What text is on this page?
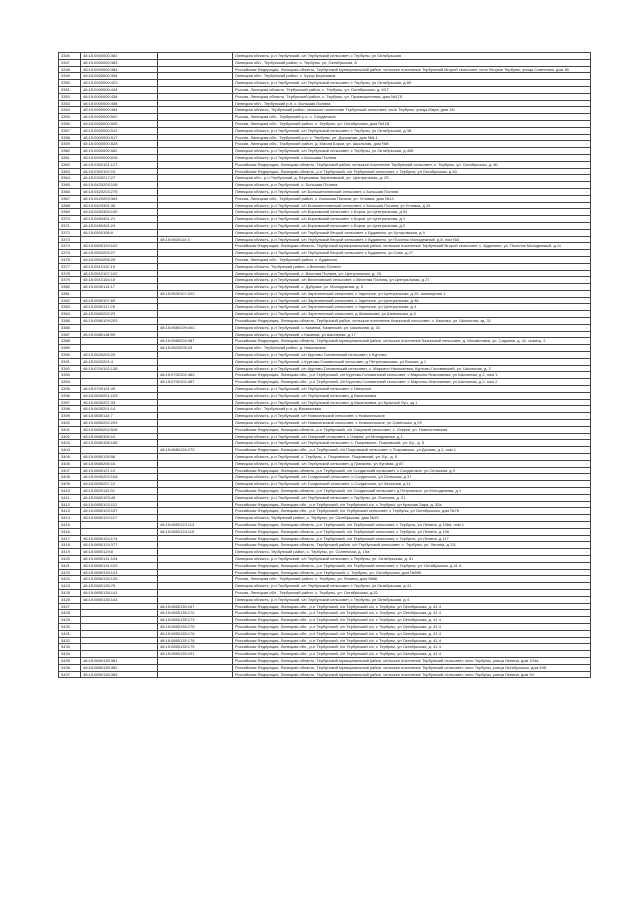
3346	48:15:0000000:382		Липецкая область, р-н Тербунский, с/п Тербунский сельсовет, с Тербуны, ул Октябрьская
3347	48:15:0000000:383		Липецкая обл., Тербунский район, с. Тербуны, ул. Октябрьская, 8
3348	48:15:0000000:384		Российская Федерация, Липецкая область, Тербунский муниципальный район, сельское поселение Тербунский Второй сельсовет, село Вторые Тербуны, улица Советская, дом 38
3349	48:15:0000000:394		Липецкая обл., Тербунский район, с. Хутор Березовка
3350	48:15:0000000:423		Липецкая область, р-н Тербунский, с/п Тербунский сельсовет, с Тербуны, ул Октябрьская, д 89
3351	48:15:0000000:434		Россия, Липецкая область, Тербунский район, с. Тербуны, ул. Октябрьская, д. 40 Г
3352	48:15:0000000:438		Россия, Липецкая область, Тербунский район, с. Тербуны, ул. Промышленная, дом №17б
3353	48:15:0000000:458		Липецкая обл., Тербунский р-н, с. Большая Поляна
3354	48:15:0000000:464		Липецкая область, Тербунский район, сельское поселение Тербунский сельсовет, село Тербуны, улица Мира, дом 13г
3355	48:15:0000000:502		Россия, Липецкая обл., Тербунский р-н, с. Солдатское
3356	48:15:0000000:505		Россия, Липецкая обл., Тербунский район, с. Тербуны, ул. Октябрьская, дом №128
3357	48:15:0000000:512		Липецкая область, р-н Тербунский, с/п Тербунский сельсовет, с Тербуны, ул Октябрьская, д 38
3358	48:15:0000000:517		Россия, Липецкая обл., Тербунский р-н, с. Тербуны, ул. Дорожная, дом №5-1
3359	48:15:0000000:528		Россия, Липецкая обл., Тербунский район, д. Малая Борки, ул. Школьная, дом №8
3360	48:15:0000000:562		Липецкая область, р-н Тербунский, с/п Тербунский сельсовет, с Тербуны, ул Октябрьская, д 40Е
3361	48:15:0000000:815		Липецкая область, р-н Тербунский, с Большая Поляна
3362	48:15:0300101:127		Российская Федерация, Липецкая область, Тербунский район, сельское поселение Тербунский сельсовет, с. Тербуны, ул. Октябрьская, д. 80
3363	48:15:0300102:10		Российская Федерация, Липецкая область, р-н Тербунский, с/п Тербунский сельсовет, с Тербуны, ул Октябрьская, д 40
3364	48:15:0300217:27		Липецкая обл., р-н Тербунский, д. Березовка, Березовский, ул. Центральная, д. 25
3365	48:15:0420203:108		Липецкая область, р-н Тербунский, с. Большая Поляна
3366	48:15:0420203:275		Липецкая область, р-н Тербунский, с/п Большеполянский сельсовет, с Большая Поляна
3367	48:15:0420203:364		Россия, Липецкая обл., Тербунский район, с. Большая Поляна, ул. Угловка, дом №13
3368	48:15:0420301:36		Липецкая область, р-н Тербунский, с/п Большеполянский сельсовет, с Большая Поляна, ул Угловка, д 33
3369	48:15:0450309:100		Липецкая область, р-н Тербунский, с/п Борковский сельсовет, с Борки, ул Центральная, д 51
3370	48:15:0450401:21		Липецкая область, р-н Тербунский, с/п Борковский сельсовет, с Борки, ул Центральная, д 1
3371	48:15:0450401:24		Липецкая область, р-н Тербунский, с/п Борковский сельсовет, с Борки, ул Центральная, д 2
3372	48:15:0500106:9		Липецкая область, р-н Тербунский, с/п Тербунский Второй сельсовет, с Буданино, ул Хуторовская, д 9
3373		48:15:0500114:3	Липецкая область, р-н Тербунский, с/п Тербунский Второй сельсовет, с Буданино, ул Поселок Молодежный, д 8, пом №1
3374	48:15:0500120:102		Российская Федерация, Липецкая область, Тербунский муниципальный район, сельское поселение Тербунский Второй сельсовет, с. Буданино, ул. Поселок Молодежный, д.11
3375	48:15:0500203:27		Липецкая область, р-н Тербунский, с/п Тербунский Второй сельсовет, с Буданино, ул Сахе, д 27
3376	48:15:0500206:28		Россия, Липецкая обл., Тербунский район, с. Буданино
3377	48:15:0510112:10		Липецкая область, Тербунский район, с.Веселая Поляна
3378	48:15:0510107:102		Липецкая область, р-н Тербунский, с. Веселая Поляна, ул. Центральная, д. 25
3379	48:15:0510154:10		Липецкая область, р-н Тербунский, с/п Веселовский сельсовет, с Веселая Поляна, ул Центральная, д 27
3380	48:15:0530113:17		Липецкая область, р-н Тербунский, с. Дуброва, ул. Молодежная, д. 5
3381		48:15:0530107:32С	Липецкая область, р-н Тербунский, с/п Заречненский сельсовет, с Заречное, ул Центральная, д 20, помещение 1
3382	48:15:0550107:69		Липецкая область, р-н Тербунский, с/п Заречненский сельсовет, с Заречное, ул Центральная, д 46
3383	48:15:0550117:25		Липецкая область, р-н Тербунский, с/п Заречненский сельсовет, с Заречное, ул Центральная, д 4
3384	48:15:0560202:23		Липецкая область, р-н Тербунский, с/п Заречненский сельсовет, д Шевлякова, ул Шевлякова, д 8
3385	48:15:0580109:203		Российская Федерация, Липецкая область, Тербунский район, сельское поселение Казинский сельсовет, с. Казинка, ул. Школьная, зд. 31
3386		48:15:0580109:40С	Липецкая область, р-н Тербунский, с. Казинка, Казинский, ул. Школьная, д. 31
3387	48:15:0580118:59		Липецкая область, р-н Тербунский, с Казинка, ул Школьная, д 17
3388		48:15:0580204:387	Российская Федерация, Липецкая область, Тербунский муниципальный район, сельское поселение Казинский сельсовет, д. Михайловка, ул. Садовая, д. 41, помещ. 2
3389		48:15:0600205:23	Липецкая обл., Тербунский район, д. Никольское
3390	48:15:0620202:20		Липецкая область, р-н Тербунский, с/п Куртово-Головинский сельсовет, с Куртово
3391	48:15:0620201:4		Липецкая область, р-н Тербунский, с Куртово-Головинский сельсовет, д Петропавловка, ул Вокзал, д 1
3392	48:15:0700102:138		Липецкая область, р-н Тербунский, с/п Куртово-Головинский сельсовет, с. Марьино Николаевка, Куртово-Головинский, ул. Школьная, д. 2
3393		48:15:0700102:48С	Российская Федерация, Липецкая обл., р-н Тербунский, с/п Куртово-Головинский сельсовет, с Марьино-Николаевка, ул Школьная, д 2, пом 1
3394		48:15:0700102:487	Российская Федерация, Липецкая обл., р-н Тербунский, с/п Куртово-Головинский сельсовет, с Марьино-Николаевка, ул Школьная, д 2, пом 2
3395	48:15:0700101:49		Липецкая область, р-н Тербунский, с/п Тербунский сельсовет, с Нагорное
3396	48:15:0630201:103		Липецкая область, р-н Тербунский, с/п Тербунский сельсовет, д Васильевка
3397	48:15:0630207:33		Липецкая область, р-н Тербунский, с/п Тербунский сельсовет, д Васильевка, ул Красный Луч, зд 1
3398	48:15:0630201:14		Липецкая обл., Тербунский р-н, д. Васильевка
3399	48:15:0650114:7		Липецкая область, р-н Тербунский, с/п Новосельский сельсовет, с Новосельское
3400	48:15:0650202:203		Липецкая область, р-н Тербунский, с/п Новосельский сельсовет, с Новосельское, ул Советская, д 29
3401	48:15:0650202:528		Российская Федерация, Липецкая область, р-н Тербунский, с/п Озерский сельсовет, с. Озерки, ул. Новоселовская
3402	48:15:0680306:10		Липецкая область, р-н Тербунский, с/п Озерский сельсовет, с Озерки, ул Молодежная, д 1
3403	48:15:0680108:188		Липецкая область, р-н Тербунский, с/п Тербунский сельсовет, с. Покровское, Покровский, ул. Бр., д. 5
3404		48:15:0680126:27С	Российская Федерация, Липецкая обл., р-н Тербунский, с/п Покровский сельсовет, с Покровское, ул Дачная, д 2, пом 1
3405	48:15:0680126:58		Липецкая область, р-н Тербунский, с. Тербуны, с. Покровское, Покровский, ул. Бр., д. 5
3406	48:15:0680206:16		Липецкая область, р-н Тербунский, с/п Тербунский сельсовет, д Гранкино, ул Луговая, д 87
3407	48:15:0690121:10		Российская Федерация, Липецкая область, р-н Тербунский, с/п Солдатский сельсовет, с Солдатское, ул Сельская, д 9
3408	48:15:0690202:108		Липецкая область, р-н Тербунский, с/п Солдатский сельсовет, с Солдатское, ул Сельская, д 37
3409	48:15:0690207:12		Липецкая область, р-н Тербунский, с/п Солдатский сельсовет, с Солдатское, ул Заточная, д 11
3410	48:15:0820112:91		Российская Федерация, Липецкая область, р-н Тербунский, с/п Солдатский сельсовет, д Петровское, ул Молодежная, д 1
3411	48:15:0850103:45		Липецкая область, р-н Тербунский, с/п Тербунский сельсовет, с Тербуны, ул. Есенина, д. 21
3412	48:15:0850103:112		Российская Федерация, Липецкая обл., р-н Тербунский, с/п Тербунский с/с, с Тербуны, ул Красная Заря, д. 32а
3413	48:15:0850103:107		Российская Федерация, Липецкая обл., р-н Тербунский, с/п Тербунский сельсовет, с Тербуны, ул Октябрьская, дом №76
3414	48:15:0850123:117		Липецкая область, Тербунский район, с. Тербуны, ул. Октябрьская, дом №15
3415		48:15:0850123:113	Российская Федерация, Липецкая область, р-н Тербунский, с/п Тербунский сельсовет, с Тербуны, ул Ленина, д 108а, пом 1
3416		48:15:0850123:115	Российская Федерация, Липецкая область, р-н Тербунский, с/п Тербунский сельсовет, с Тербуны, ул Ленина, д 108
3417	48:15:0850124:174		Российская Федерация, Липецкая область, р-н Тербунский, с/п Тербунский сельсовет, с Тербуны, ул Ленина, д 117
3418	48:15:0850124:377		Российская Федерация, Липецкая область, Тербунский район, с/п Тербунский сельсовет, с. Тербуны, ул. Ленина, д 111
3419	48:15:0850129:8		Липецкая область, Тербунский район, с. Тербуны, ул. Солнечная, д. 19а
3420	48:15:0850131:104		Липецкая область, р-н Тербунский, с/п Тербунский сельсовет, с Тербуны, ул. Октябрьская, д. 51
3421	48:15:0850131:103		Российская Федерация, Липецкая область, р-н Тербунский, с/п Тербунский сельсовет, с Тербуны, ул. Октябрьская, д.41.4
3422	48:15:0850135:124		Российская Федерация, Липецкая область, р-н Тербунский, с. Тербуны, ул. Октябрьская, дом №59К
3423	48:15:0850135:126		Россия, Липецкая обл., Тербунский район, с. Тербуны, ул. Ленина, дом №86
3424	48:15:0850135:75		Липецкая область, р-н Тербунский, с/п Тербунский сельсовет, с Тербуны, ул Октябрьская, д 41
3425	48:15:0850135:141		Россия, Липецкая обл., Тербунский район, с. Тербуны, ул. Октябрьская, д.52
3426	48:15:0850135:143		Липецкая область, р-н Тербунский, с/п Тербунский сельсовет, с Тербуны, ул Октябрьская, д 4
3427		48:15:0850135:167	Российская Федерация, Липецкая обл., р-н Тербунский, с/п Тербунский с/с, с Тербуны, ул Октябрьская, д. 41 4
3428		48:15:0850135:172	Российская Федерация, Липецкая обл., р-н Тербунский, с/п Тербунский с/с, с Тербуны, ул Октябрьская, д. 41 4
3429		48:15:0850135:173	Российская Федерация, Липецкая обл., р-н Тербунский, с/п Тербунский с/с, с Тербуны, ул Октябрьская, д. 41 4
3430		48:15:0850135:175	Российская Федерация, Липецкая обл., р-н Тербунский, с/п Тербунский с/с, с Тербуны, ул Октябрьская, д. 41 4
3431		48:15:0850135:176	Российская Федерация, Липецкая обл., р-н Тербунский, с/п Тербунский с/с, с Тербуны, ул Октябрьская, д. 41 4
3432		48:15:0850135:178	Российская Федерация, Липецкая обл., р-н Тербунский, с/п Тербунский с/с, с Тербуны, ул Октябрьская, д. 41 4
3433		48:15:0850135:179	Российская Федерация, Липецкая обл., р-н Тербунский, с/п Тербунский с/с, с Тербуны, ул Октябрьская, д. 41 4
3434		48:15:0850135:191	Российская Федерация, Липецкая обл., р-н Тербунский, с/п Тербунский с/с, с Тербуны, ул Октябрьская, д. 41 4
3435	48:15:0850135:381		Российская Федерация, Липецкая область, Тербунский муниципальный район, сельское поселение Тербунский сельсовет, село Тербуны, улица Ленина, дом 104а
3436	48:15:0850135:382		Российская Федерация, Липецкая область, Тербунский муниципальный район, сельское поселение Тербунский сельсовет, село Тербуны, улица Октябрьская, дом 54б
3437	48:15:0850135:383		Российская Федерация, Липецкая область, Тербунский муниципальный район, сельское поселение Тербунский сельсовет, село Тербуны, улица Ленина, дом 94
